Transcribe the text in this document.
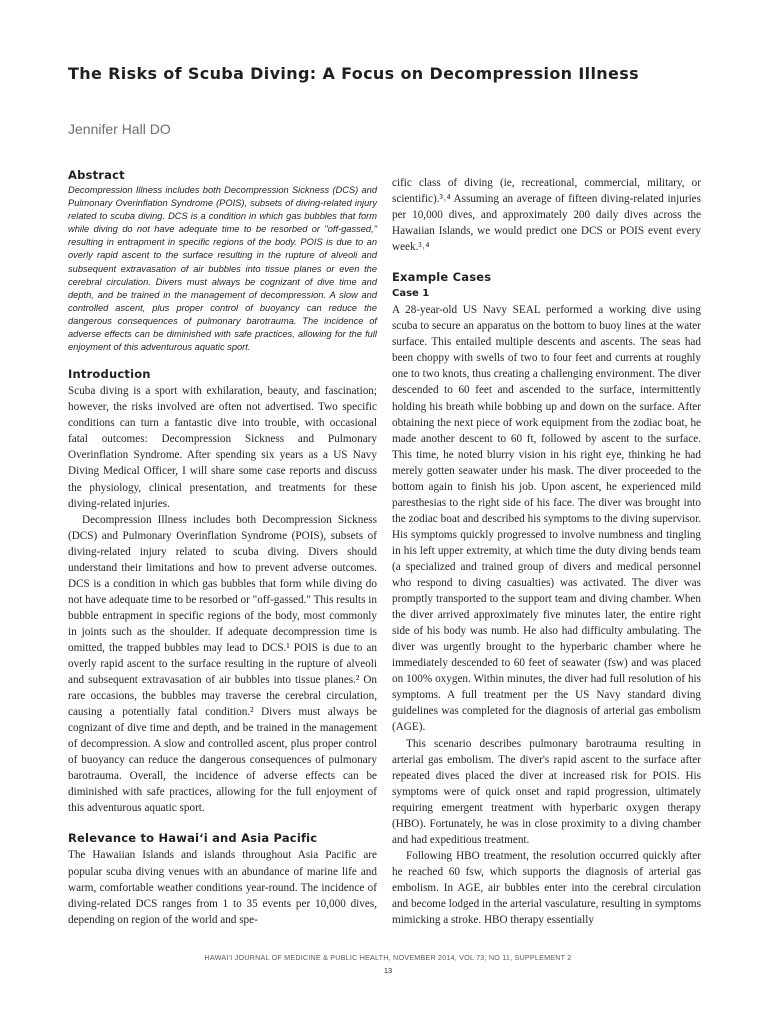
The Risks of Scuba Diving: A Focus on Decompression Illness

Jennifer Hall DO

Abstract

Decompression Illness includes both Decompression Sickness (DCS) and Pulmonary Overinflation Syndrome (POIS), subsets of diving-related injury related to scuba diving. DCS is a condition in which gas bubbles that form while diving do not have adequate time to be resorbed or "off-gassed," resulting in entrapment in specific regions of the body. POIS is due to an overly rapid ascent to the surface resulting in the rupture of alveoli and subsequent extravasation of air bubbles into tissue planes or even the cerebral circulation. Divers must always be cognizant of dive time and depth, and be trained in the management of decompression. A slow and controlled ascent, plus proper control of buoyancy can reduce the dangerous consequences of pulmonary barotrauma. The incidence of adverse effects can be diminished with safe practices, allowing for the full enjoyment of this adventurous aquatic sport.

Introduction

Scuba diving is a sport with exhilaration, beauty, and fascination; however, the risks involved are often not advertised. Two specific conditions can turn a fantastic dive into trouble, with occasional fatal outcomes: Decompression Sickness and Pulmonary Overinflation Syndrome. After spending six years as a US Navy Diving Medical Officer, I will share some case reports and discuss the physiology, clinical presentation, and treatments for these diving-related injuries.

Decompression Illness includes both Decompression Sickness (DCS) and Pulmonary Overinflation Syndrome (POIS), subsets of diving-related injury related to scuba diving. Divers should understand their limitations and how to prevent adverse outcomes. DCS is a condition in which gas bubbles that form while diving do not have adequate time to be resorbed or "off-gassed." This results in bubble entrapment in specific regions of the body, most commonly in joints such as the shoulder. If adequate decompression time is omitted, the trapped bubbles may lead to DCS.¹ POIS is due to an overly rapid ascent to the surface resulting in the rupture of alveoli and subsequent extravasation of air bubbles into tissue planes.² On rare occasions, the bubbles may traverse the cerebral circulation, causing a potentially fatal condition.² Divers must always be cognizant of dive time and depth, and be trained in the management of decompression. A slow and controlled ascent, plus proper control of buoyancy can reduce the dangerous consequences of pulmonary barotrauma. Overall, the incidence of adverse effects can be diminished with safe practices, allowing for the full enjoyment of this adventurous aquatic sport.

Relevance to Hawai‘i and Asia Pacific

The Hawaiian Islands and islands throughout Asia Pacific are popular scuba diving venues with an abundance of marine life and warm, comfortable weather conditions year-round. The incidence of diving-related DCS ranges from 1 to 35 events per 10,000 dives, depending on region of the world and spe-

cific class of diving (ie, recreational, commercial, military, or scientific).³˒⁴ Assuming an average of fifteen diving-related injuries per 10,000 dives, and approximately 200 daily dives across the Hawaiian Islands, we would predict one DCS or POIS event every week.³˒⁴

Example Cases
Case 1

A 28-year-old US Navy SEAL performed a working dive using scuba to secure an apparatus on the bottom to buoy lines at the water surface. This entailed multiple descents and ascents. The seas had been choppy with swells of two to four feet and currents at roughly one to two knots, thus creating a challenging environment. The diver descended to 60 feet and ascended to the surface, intermittently holding his breath while bobbing up and down on the surface. After obtaining the next piece of work equipment from the zodiac boat, he made another descent to 60 ft, followed by ascent to the surface. This time, he noted blurry vision in his right eye, thinking he had merely gotten seawater under his mask. The diver proceeded to the bottom again to finish his job. Upon ascent, he experienced mild paresthesias to the right side of his face. The diver was brought into the zodiac boat and described his symptoms to the diving supervisor. His symptoms quickly progressed to involve numbness and tingling in his left upper extremity, at which time the duty diving bends team (a specialized and trained group of divers and medical personnel who respond to diving casualties) was activated. The diver was promptly transported to the support team and diving chamber. When the diver arrived approximately five minutes later, the entire right side of his body was numb. He also had difficulty ambulating. The diver was urgently brought to the hyperbaric chamber where he immediately descended to 60 feet of seawater (fsw) and was placed on 100% oxygen. Within minutes, the diver had full resolution of his symptoms. A full treatment per the US Navy standard diving guidelines was completed for the diagnosis of arterial gas embolism (AGE).

This scenario describes pulmonary barotrauma resulting in arterial gas embolism. The diver's rapid ascent to the surface after repeated dives placed the diver at increased risk for POIS. His symptoms were of quick onset and rapid progression, ultimately requiring emergent treatment with hyperbaric oxygen therapy (HBO). Fortunately, he was in close proximity to a diving chamber and had expeditious treatment.

Following HBO treatment, the resolution occurred quickly after he reached 60 fsw, which supports the diagnosis of arterial gas embolism. In AGE, air bubbles enter into the cerebral circulation and become lodged in the arterial vasculature, resulting in symptoms mimicking a stroke. HBO therapy essentially

HAWAI‘I JOURNAL OF MEDICINE & PUBLIC HEALTH, NOVEMBER 2014, VOL 73, NO 11, SUPPLEMENT 2

13
